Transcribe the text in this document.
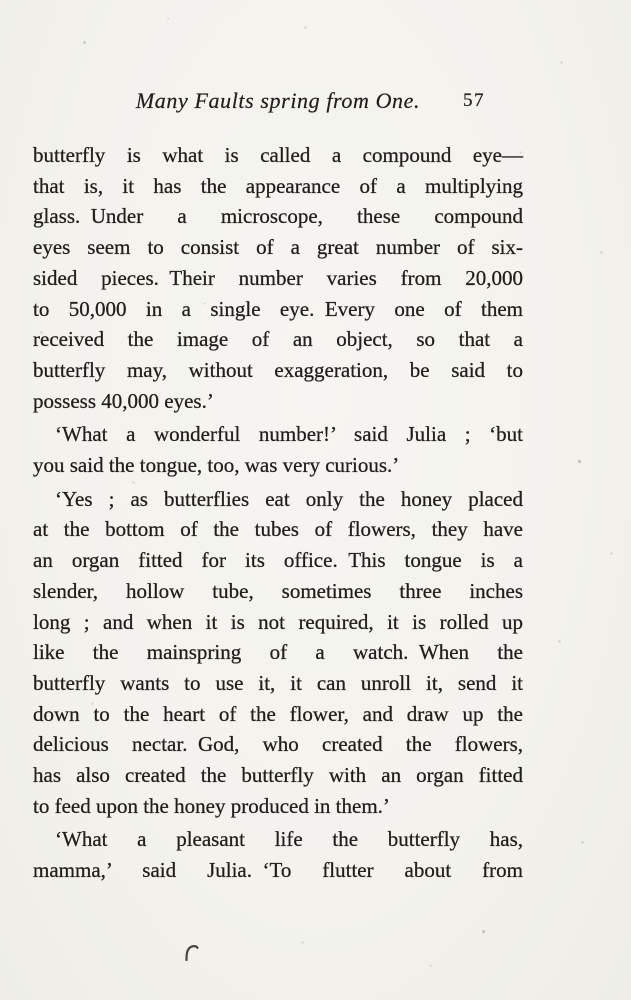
Many Faults spring from One.	57
butterfly is what is called a compound eye—
that is, it has the appearance of a multiplying
glass. Under a microscope, these compound
eyes seem to consist of a great number of six-
sided pieces. Their number varies from 20,000
to 50,000 in a single eye. Every one of them
received the image of an object, so that a
butterfly may, without exaggeration, be said to
possess 40,000 eyes.’
‘What a wonderful number!’ said Julia ; ‘but
you said the tongue, too, was very curious.’
‘Yes ; as butterflies eat only the honey placed
at the bottom of the tubes of flowers, they have
an organ fitted for its office. This tongue is a
slender, hollow tube, sometimes three inches
long ; and when it is not required, it is rolled up
like the mainspring of a watch. When the
butterfly wants to use it, it can unroll it, send it
down to the heart of the flower, and draw up the
delicious nectar. God, who created the flowers,
has also created the butterfly with an organ fitted
to feed upon the honey produced in them.’
‘What a pleasant life the butterfly has,
mamma,’ said Julia. ‘To flutter about from
